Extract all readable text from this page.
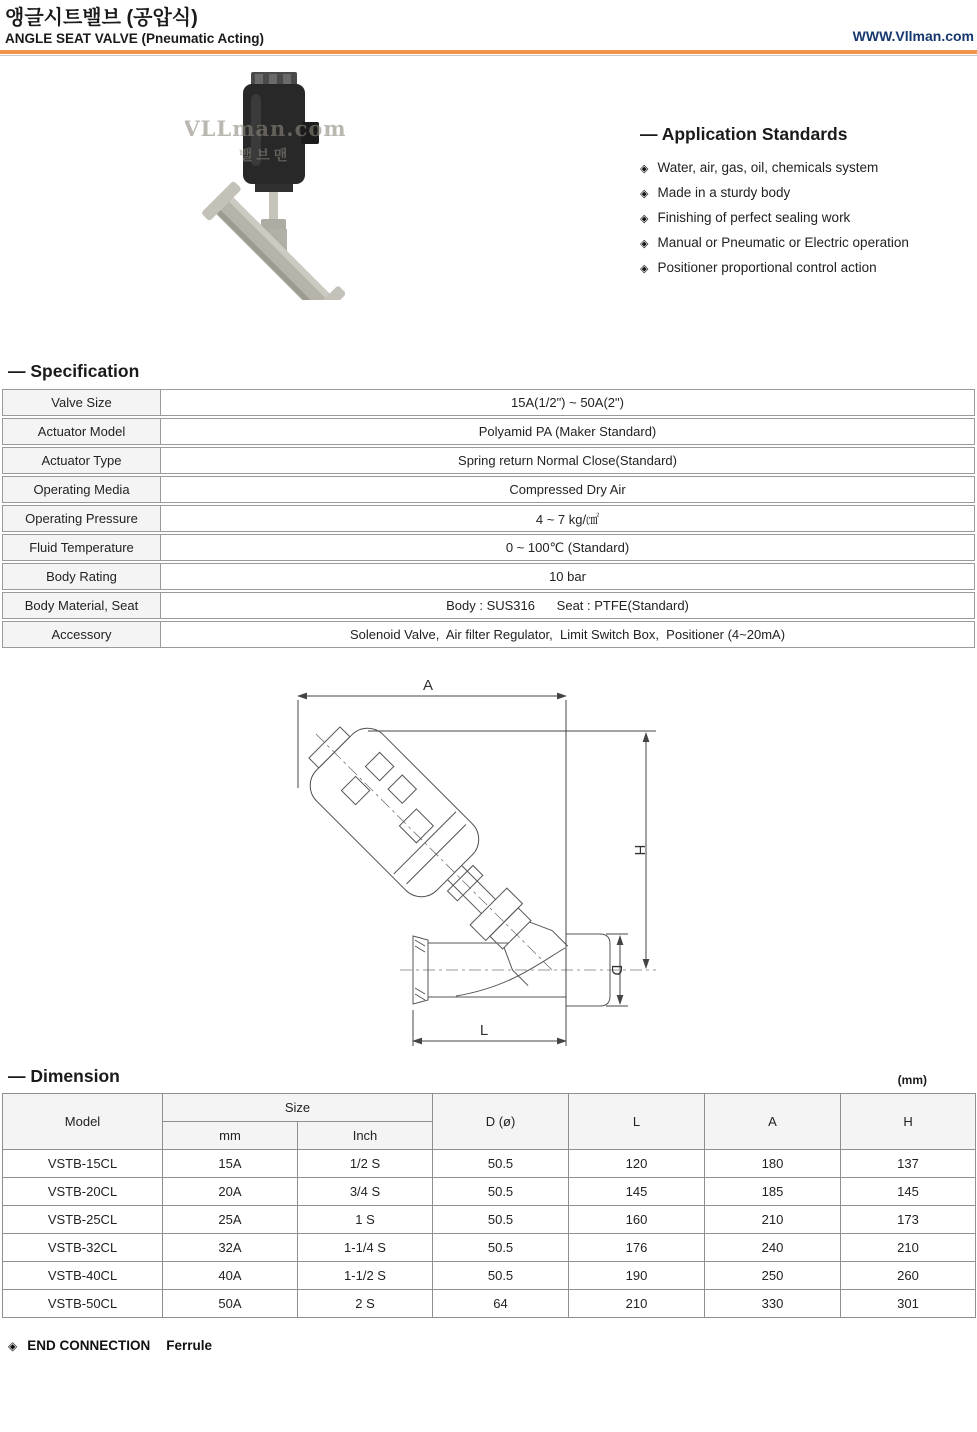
앵글시트밸브 (공압식)
ANGLE SEAT VALVE (Pneumatic Acting)	WWW.Vllman.com
VLLman.com
밸브맨
— Application Standards
◈ Water, air, gas, oil, chemicals system
◈ Made in a sturdy body
◈ Finishing of perfect sealing work
◈ Manual or Pneumatic or Electric operation
◈ Positioner proportional control action
— Specification
Valve Size	15A(1/2") ~ 50A(2")
Actuator Model	Polyamid PA (Maker Standard)
Actuator Type	Spring return Normal Close(Standard)
Operating Media	Compressed Dry Air
Operating Pressure	4 ~ 7 kg/㎠
Fluid Temperature	0 ~ 100℃ (Standard)
Body Rating	10 bar
Body Material, Seat	Body : SUS316      Seat : PTFE(Standard)
Accessory	Solenoid Valve,  Air filter Regulator,  Limit Switch Box,  Positioner (4~20mA)
A
H
D
L
— Dimension	(mm)
Model	Size		D (ø)	L	A	H
	mm	Inch				
VSTB-15CL	15A	1/2 S	50.5	120	180	137
VSTB-20CL	20A	3/4 S	50.5	145	185	145
VSTB-25CL	25A	1 S	50.5	160	210	173
VSTB-32CL	32A	1-1/4 S	50.5	176	240	210
VSTB-40CL	40A	1-1/2 S	50.5	190	250	260
VSTB-50CL	50A	2 S	64	210	330	301
◈ END CONNECTION Ferrule
